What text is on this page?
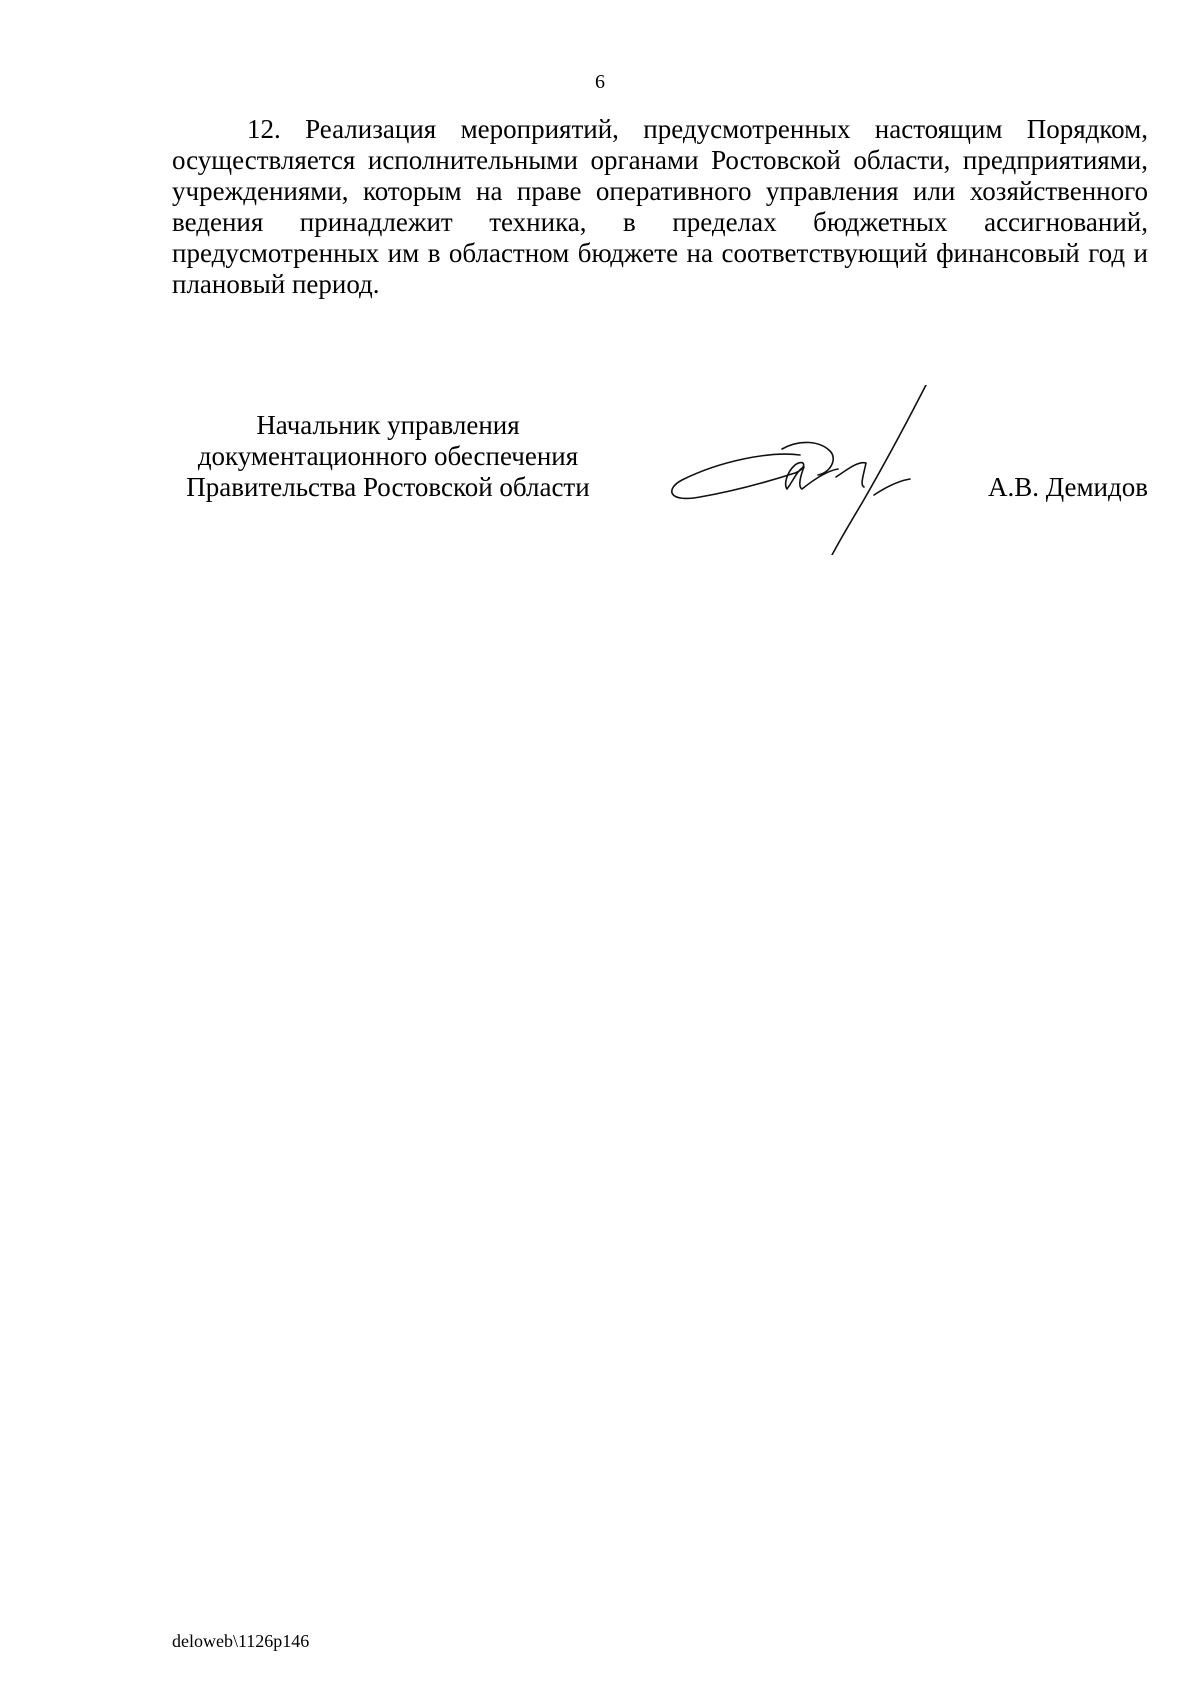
6

12. Реализация мероприятий, предусмотренных настоящим Порядком, осуществляется исполнительными органами Ростовской области, предприятиями, учреждениями, которым на праве оперативного управления или хозяйственного ведения принадлежит техника, в пределах бюджетных ассигнований, предусмотренных им в областном бюджете на соответствующий финансовый год и плановый период.

Начальник управления
документационного обеспечения
Правительства Ростовской области	А.В. Демидов
deloweb\1126р146
